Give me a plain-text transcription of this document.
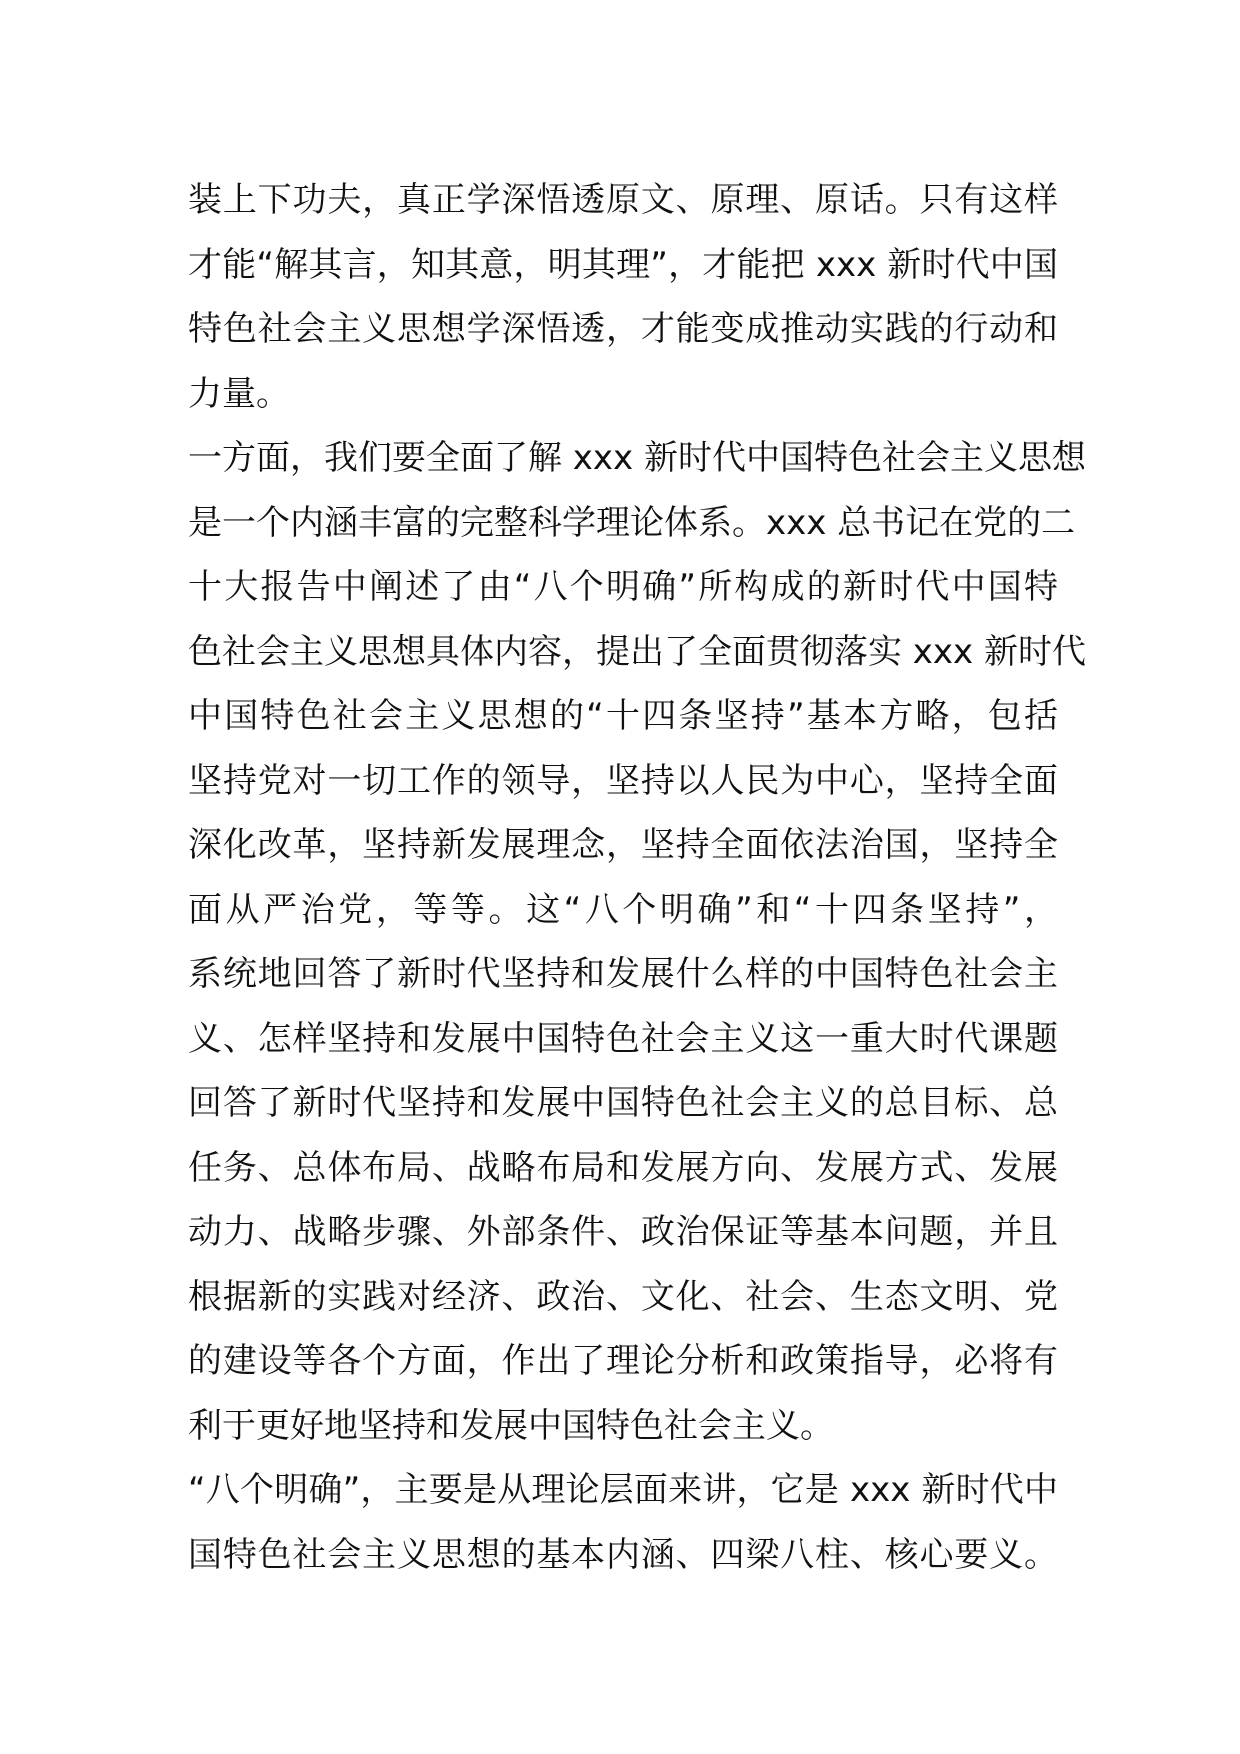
装上下功夫，真正学深悟透原文、原理、原话。只有这样
才能“解其言，知其意，明其理”，才能把 xxx 新时代中国
特色社会主义思想学深悟透，才能变成推动实践的行动和
力量。
一方面，我们要全面了解 xxx 新时代中国特色社会主义思想
是一个内涵丰富的完整科学理论体系。xxx 总书记在党的二
十大报告中阐述了由“八个明确”所构成的新时代中国特
色社会主义思想具体内容，提出了全面贯彻落实 xxx 新时代
中国特色社会主义思想的“十四条坚持”基本方略，包括
坚持党对一切工作的领导，坚持以人民为中心，坚持全面
深化改革，坚持新发展理念，坚持全面依法治国，坚持全
面从严治党，等等。这“八个明确”和“十四条坚持”，
系统地回答了新时代坚持和发展什么样的中国特色社会主
义、怎样坚持和发展中国特色社会主义这一重大时代课题
回答了新时代坚持和发展中国特色社会主义的总目标、总
任务、总体布局、战略布局和发展方向、发展方式、发展
动力、战略步骤、外部条件、政治保证等基本问题，并且
根据新的实践对经济、政治、文化、社会、生态文明、党
的建设等各个方面，作出了理论分析和政策指导，必将有
利于更好地坚持和发展中国特色社会主义。
“八个明确”，主要是从理论层面来讲，它是 xxx 新时代中
国特色社会主义思想的基本内涵、四梁八柱、核心要义。
